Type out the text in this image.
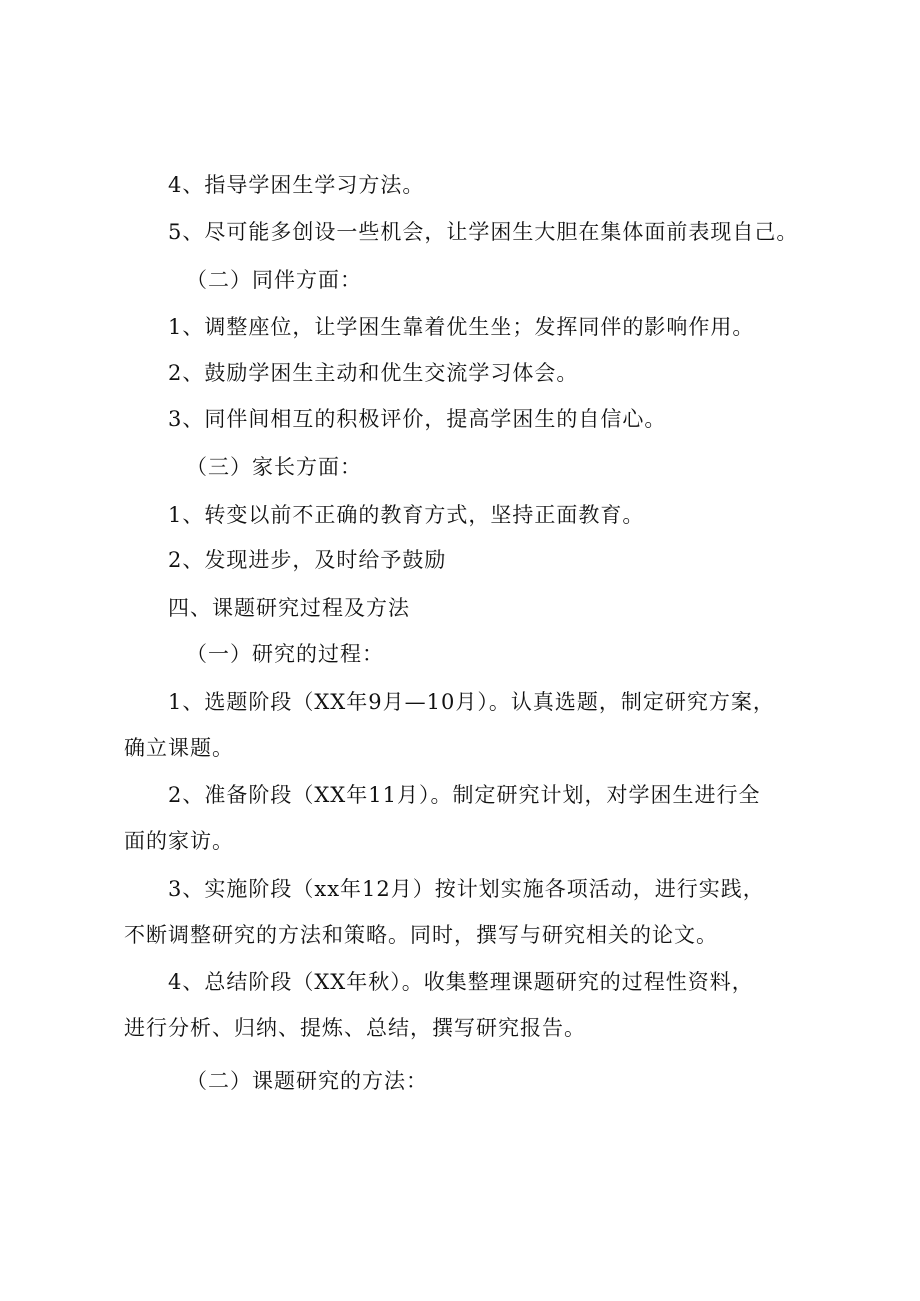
4、指导学困生学习方法。
5、尽可能多创设一些机会，让学困生大胆在集体面前表现自己。
（二）同伴方面：
1、调整座位，让学困生靠着优生坐；发挥同伴的影响作用。
2、鼓励学困生主动和优生交流学习体会。
3、同伴间相互的积极评价，提高学困生的自信心。
（三）家长方面：
1、转变以前不正确的教育方式，坚持正面教育。
2、发现进步，及时给予鼓励
四、课题研究过程及方法
（一）研究的过程：
1、选题阶段（XX年9月—10月）。认真选题，制定研究方案，
确立课题。
2、准备阶段（XX年11月）。制定研究计划，对学困生进行全
面的家访。
3、实施阶段（xx年12月）按计划实施各项活动，进行实践，
不断调整研究的方法和策略。同时，撰写与研究相关的论文。
4、总结阶段（XX年秋）。收集整理课题研究的过程性资料，
进行分析、归纳、提炼、总结，撰写研究报告。
（二）课题研究的方法：
